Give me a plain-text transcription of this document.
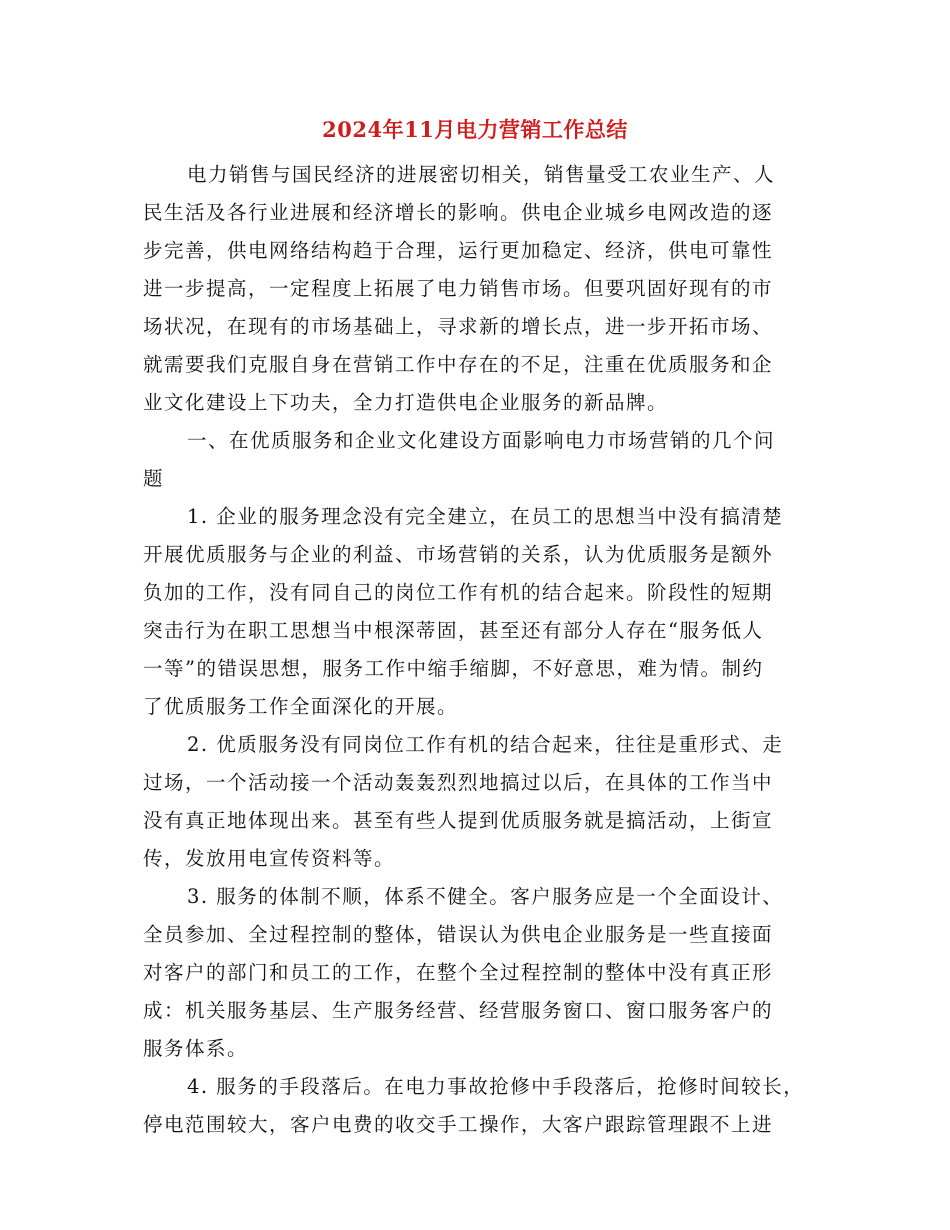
2024年11月电力营销工作总结

电力销售与国民经济的进展密切相关，销售量受工农业生产、人
民生活及各行业进展和经济增长的影响。供电企业城乡电网改造的逐
步完善，供电网络结构趋于合理，运行更加稳定、经济，供电可靠性
进一步提高，一定程度上拓展了电力销售市场。但要巩固好现有的市
场状况，在现有的市场基础上，寻求新的增长点，进一步开拓市场、
就需要我们克服自身在营销工作中存在的不足，注重在优质服务和企
业文化建设上下功夫，全力打造供电企业服务的新品牌。

一、在优质服务和企业文化建设方面影响电力市场营销的几个问
题

1. 企业的服务理念没有完全建立，在员工的思想当中没有搞清楚
开展优质服务与企业的利益、市场营销的关系，认为优质服务是额外
负加的工作，没有同自己的岗位工作有机的结合起来。阶段性的短期
突击行为在职工思想当中根深蒂固，甚至还有部分人存在“服务低人
一等”的错误思想，服务工作中缩手缩脚，不好意思，难为情。制约
了优质服务工作全面深化的开展。

2. 优质服务没有同岗位工作有机的结合起来，往往是重形式、走
过场，一个活动接一个活动轰轰烈烈地搞过以后，在具体的工作当中
没有真正地体现出来。甚至有些人提到优质服务就是搞活动，上街宣
传，发放用电宣传资料等。

3. 服务的体制不顺，体系不健全。客户服务应是一个全面设计、
全员参加、全过程控制的整体，错误认为供电企业服务是一些直接面
对客户的部门和员工的工作，在整个全过程控制的整体中没有真正形
成：机关服务基层、生产服务经营、经营服务窗口、窗口服务客户的
服务体系。

4. 服务的手段落后。在电力事故抢修中手段落后，抢修时间较长，
停电范围较大，客户电费的收交手工操作，大客户跟踪管理跟不上进
